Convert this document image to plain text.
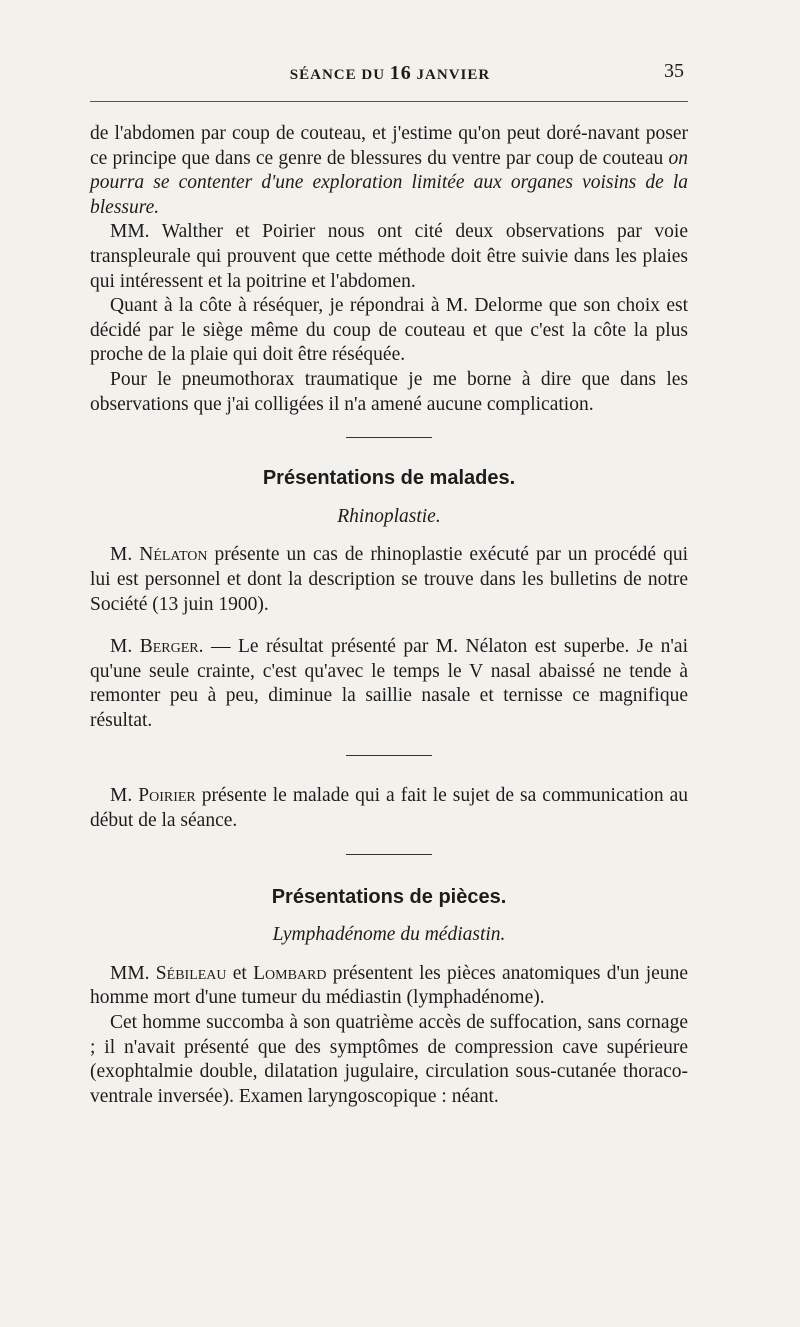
SÉANCE DU 16 JANVIER	35

de l'abdomen par coup de couteau, et j'estime qu'on peut doré-navant poser ce principe que dans ce genre de blessures du ventre par coup de couteau on pourra se contenter d'une exploration limitée aux organes voisins de la blessure.

MM. Walther et Poirier nous ont cité deux observations par voie transpleurale qui prouvent que cette méthode doit être suivie dans les plaies qui intéressent et la poitrine et l'abdomen.

Quant à la côte à réséquer, je répondrai à M. Delorme que son choix est décidé par le siège même du coup de couteau et que c'est la côte la plus proche de la plaie qui doit être réséquée.

Pour le pneumothorax traumatique je me borne à dire que dans les observations que j'ai colligées il n'a amené aucune complication.

Présentations de malades.
Rhinoplastie.

M. Nélaton présente un cas de rhinoplastie exécuté par un procédé qui lui est personnel et dont la description se trouve dans les bulletins de notre Société (13 juin 1900).

M. Berger. — Le résultat présenté par M. Nélaton est superbe. Je n'ai qu'une seule crainte, c'est qu'avec le temps le V nasal abaissé ne tende à remonter peu à peu, diminue la saillie nasale et ternisse ce magnifique résultat.

M. Poirier présente le malade qui a fait le sujet de sa communication au début de la séance.

Présentations de pièces.
Lymphadénome du médiastin.

MM. Sébileau et Lombard présentent les pièces anatomiques d'un jeune homme mort d'une tumeur du médiastin (lymphadénome).

Cet homme succomba à son quatrième accès de suffocation, sans cornage ; il n'avait présenté que des symptômes de compression cave supérieure (exophtalmie double, dilatation jugulaire, circulation sous-cutanée thoraco-ventrale inversée). Examen laryngoscopique : néant.
